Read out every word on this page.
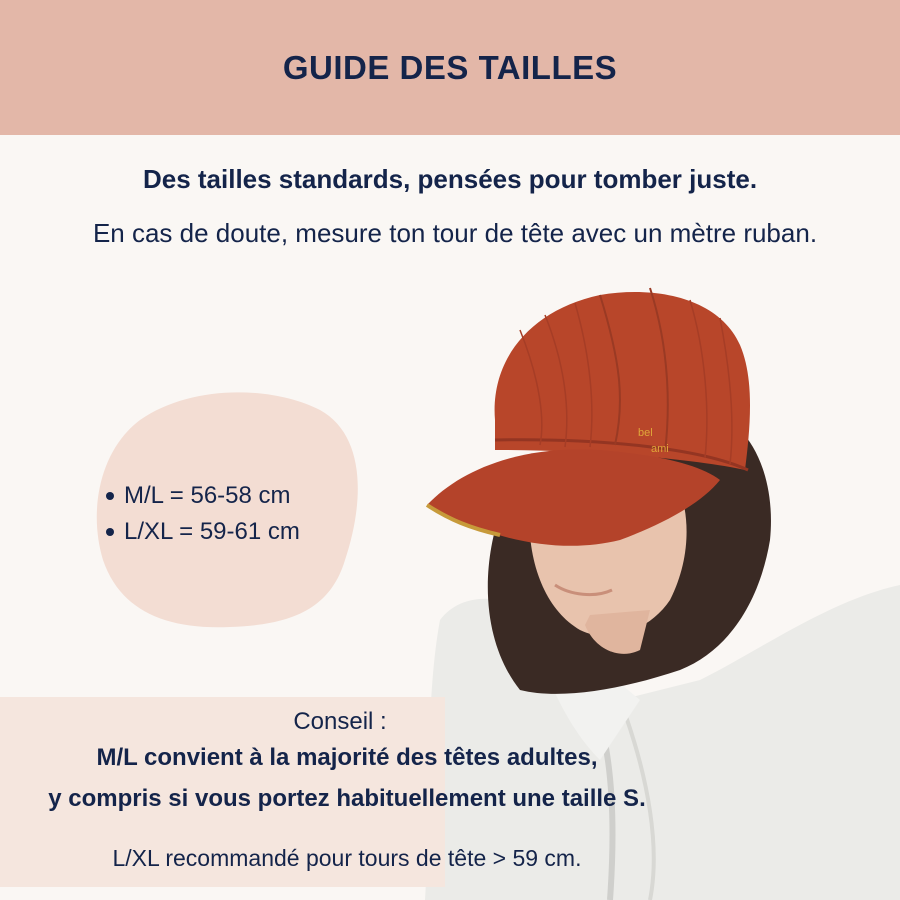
GUIDE DES TAILLES
Des tailles standards, pensées pour tomber juste.
En cas de doute, mesure ton tour de tête avec un mètre ruban.
bel
ami
M/L = 56-58 cm
L/XL = 59-61 cm
Conseil :
M/L convient à la majorité des têtes adultes,
y compris si vous portez habituellement une taille S.
L/XL recommandé pour tours de tête > 59 cm.
